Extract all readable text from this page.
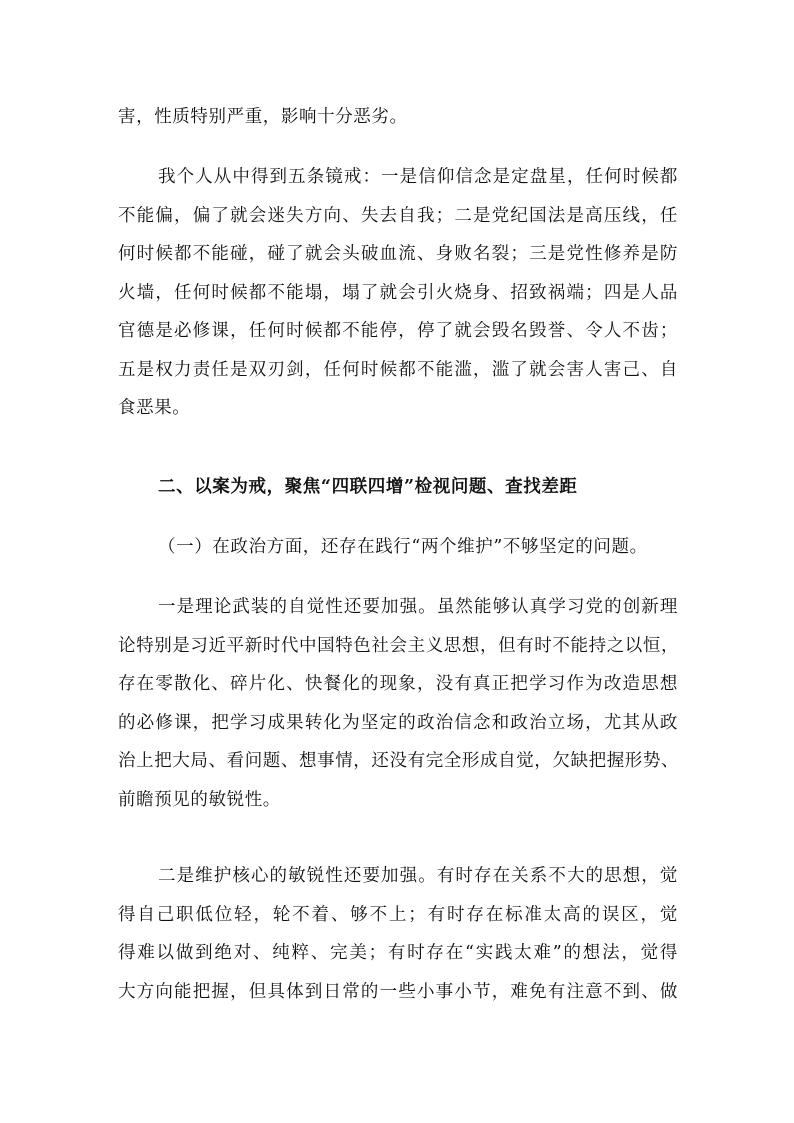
害，性质特别严重，影响十分恶劣。
我个人从中得到五条镜戒：一是信仰信念是定盘星，任何时候都
不能偏，偏了就会迷失方向、失去自我；二是党纪国法是高压线，任
何时候都不能碰，碰了就会头破血流、身败名裂；三是党性修养是防
火墙，任何时候都不能塌，塌了就会引火烧身、招致祸端；四是人品
官德是必修课，任何时候都不能停，停了就会毁名毁誉、令人不齿；
五是权力责任是双刃剑，任何时候都不能滥，滥了就会害人害己、自
食恶果。
二、以案为戒，聚焦“四联四增”检视问题、查找差距
（一）在政治方面，还存在践行“两个维护”不够坚定的问题。
一是理论武装的自觉性还要加强。虽然能够认真学习党的创新理
论特别是习近平新时代中国特色社会主义思想，但有时不能持之以恒，
存在零散化、碎片化、快餐化的现象，没有真正把学习作为改造思想
的必修课，把学习成果转化为坚定的政治信念和政治立场，尤其从政
治上把大局、看问题、想事情，还没有完全形成自觉，欠缺把握形势、
前瞻预见的敏锐性。
二是维护核心的敏锐性还要加强。有时存在关系不大的思想，觉
得自己职低位轻，轮不着、够不上；有时存在标准太高的误区，觉
得难以做到绝对、纯粹、完美；有时存在“实践太难”的想法，觉得
大方向能把握，但具体到日常的一些小事小节，难免有注意不到、做
